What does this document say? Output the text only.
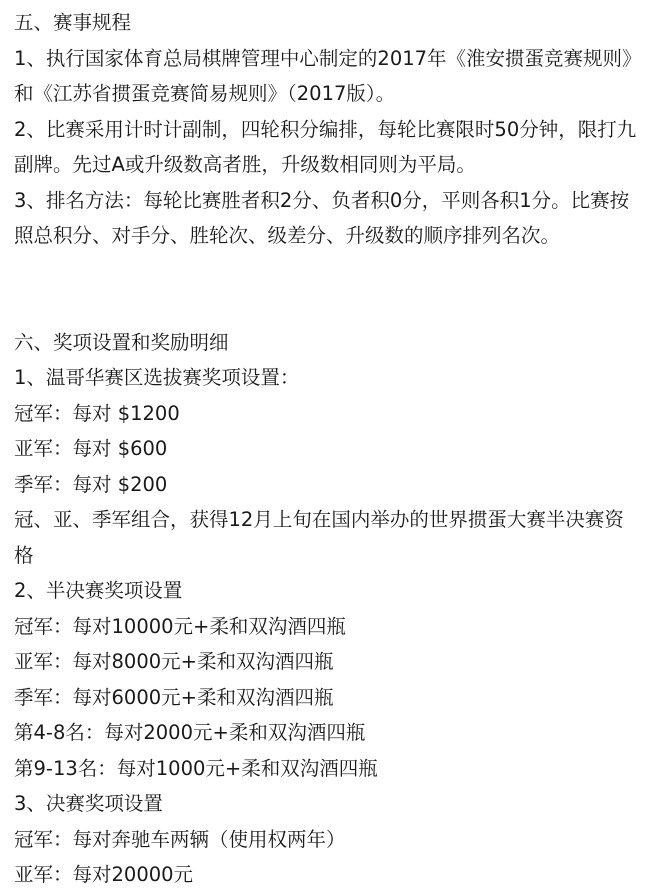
五、赛事规程

1、执行国家体育总局棋牌管理中心制定的2017年《淮安掼蛋竞赛规则》和《江苏省掼蛋竞赛简易规则》（2017版）。

2、比赛采用计时计副制，四轮积分编排，每轮比赛限时50分钟，限打九副牌。先过A或升级数高者胜，升级数相同则为平局。

3、排名方法：每轮比赛胜者积2分、负者积0分，平则各积1分。比赛按照总积分、对手分、胜轮次、级差分、升级数的顺序排列名次。

六、奖项设置和奖励明细

1、温哥华赛区选拔赛奖项设置：

冠军：每对 $1200

亚军：每对 $600

季军：每对 $200

冠、亚、季军组合，获得12月上旬在国内举办的世界掼蛋大赛半决赛资格

2、半决赛奖项设置

冠军：每对10000元+柔和双沟酒四瓶

亚军：每对8000元+柔和双沟酒四瓶

季军：每对6000元+柔和双沟酒四瓶

第4-8名：每对2000元+柔和双沟酒四瓶

第9-13名：每对1000元+柔和双沟酒四瓶

3、决赛奖项设置

冠军：每对奔驰车两辆（使用权两年）

亚军：每对20000元
